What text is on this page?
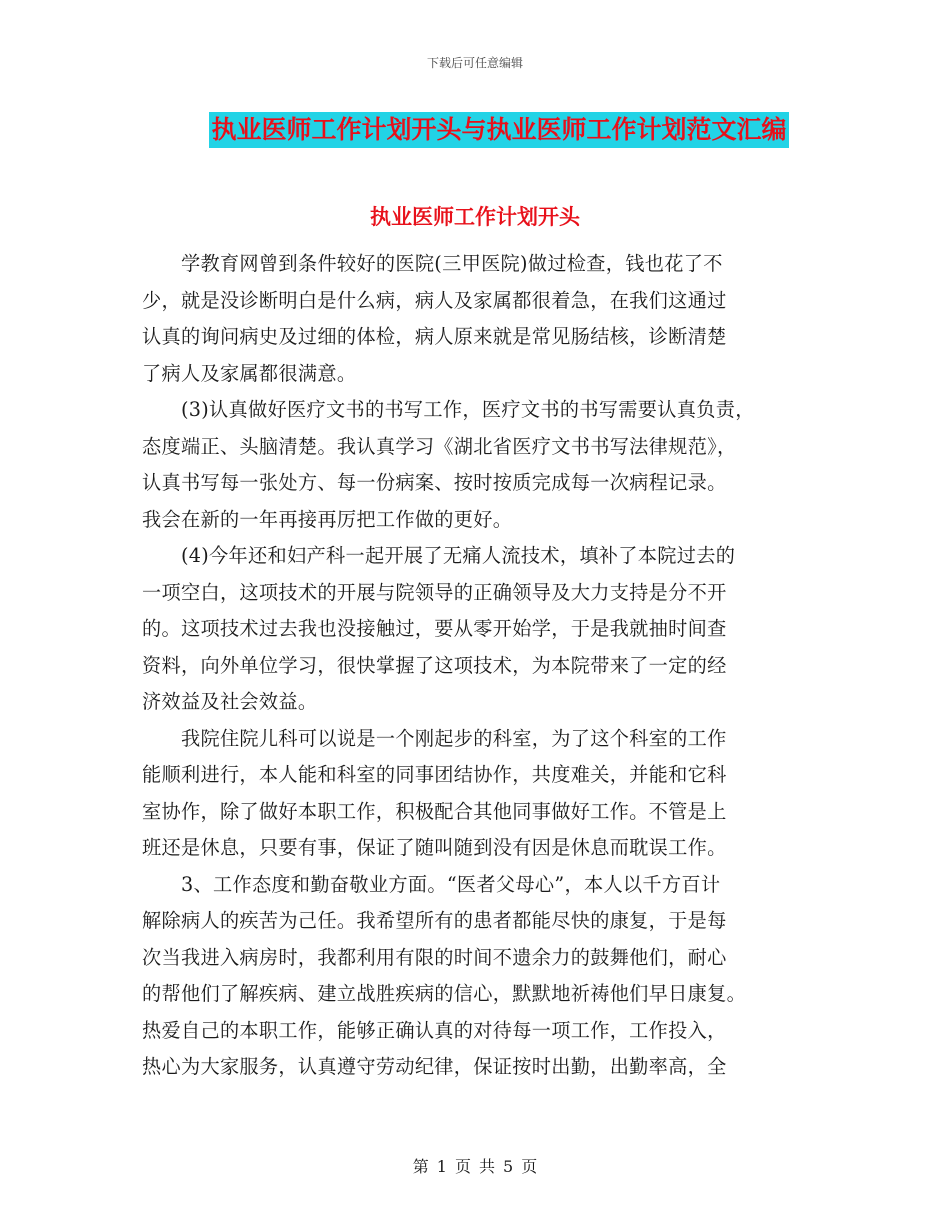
下载后可任意编辑
执业医师工作计划开头与执业医师工作计划范文汇编
执业医师工作计划开头
　　学教育网曾到条件较好的医院(三甲医院)做过检查，钱也花了不
少，就是没诊断明白是什么病，病人及家属都很着急，在我们这通过
认真的询问病史及过细的体检，病人原来就是常见肠结核，诊断清楚
了病人及家属都很满意。
　　(3)认真做好医疗文书的书写工作，医疗文书的书写需要认真负责，
态度端正、头脑清楚。我认真学习《湖北省医疗文书书写法律规范》，
认真书写每一张处方、每一份病案、按时按质完成每一次病程记录。
我会在新的一年再接再厉把工作做的更好。
　　(4)今年还和妇产科一起开展了无痛人流技术，填补了本院过去的
一项空白，这项技术的开展与院领导的正确领导及大力支持是分不开
的。这项技术过去我也没接触过，要从零开始学，于是我就抽时间查
资料，向外单位学习，很快掌握了这项技术，为本院带来了一定的经
济效益及社会效益。
　　我院住院儿科可以说是一个刚起步的科室，为了这个科室的工作
能顺利进行，本人能和科室的同事团结协作，共度难关，并能和它科
室协作，除了做好本职工作，积极配合其他同事做好工作。不管是上
班还是休息，只要有事，保证了随叫随到没有因是休息而耽误工作。
　　3、工作态度和勤奋敬业方面。“医者父母心”，本人以千方百计
解除病人的疾苦为己任。我希望所有的患者都能尽快的康复，于是每
次当我进入病房时，我都利用有限的时间不遗余力的鼓舞他们，耐心
的帮他们了解疾病、建立战胜疾病的信心，默默地祈祷他们早日康复。
热爱自己的本职工作，能够正确认真的对待每一项工作，工作投入，
热心为大家服务，认真遵守劳动纪律，保证按时出勤，出勤率高，全
第 1 页 共 5 页
